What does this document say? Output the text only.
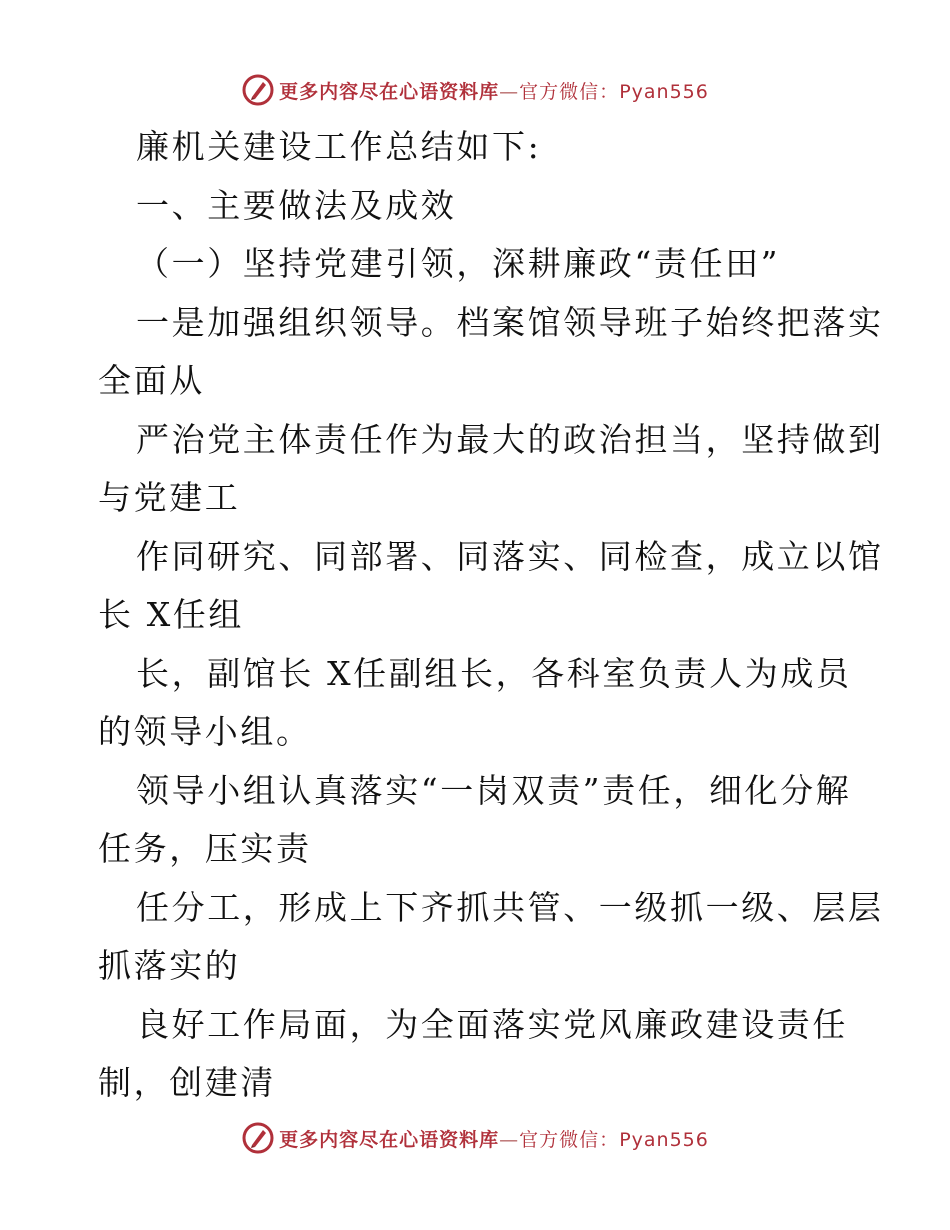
更多内容尽在心语资料库—官方微信：Pyan556
廉机关建设工作总结如下:
一、主要做法及成效
（一）坚持党建引领，深耕廉政“责任田”
一是加强组织领导。档案馆领导班子始终把落实
全面从
严治党主体责任作为最大的政治担当，坚持做到
与党建工
作同研究、同部署、同落实、同检查，成立以馆
长 X任组
长，副馆长 X任副组长，各科室负责人为成员
的领导小组。
领导小组认真落实“一岗双责”责任，细化分解
任务，压实责
任分工，形成上下齐抓共管、一级抓一级、层层
抓落实的
良好工作局面，为全面落实党风廉政建设责任
制，创建清
更多内容尽在心语资料库—官方微信：Pyan556
